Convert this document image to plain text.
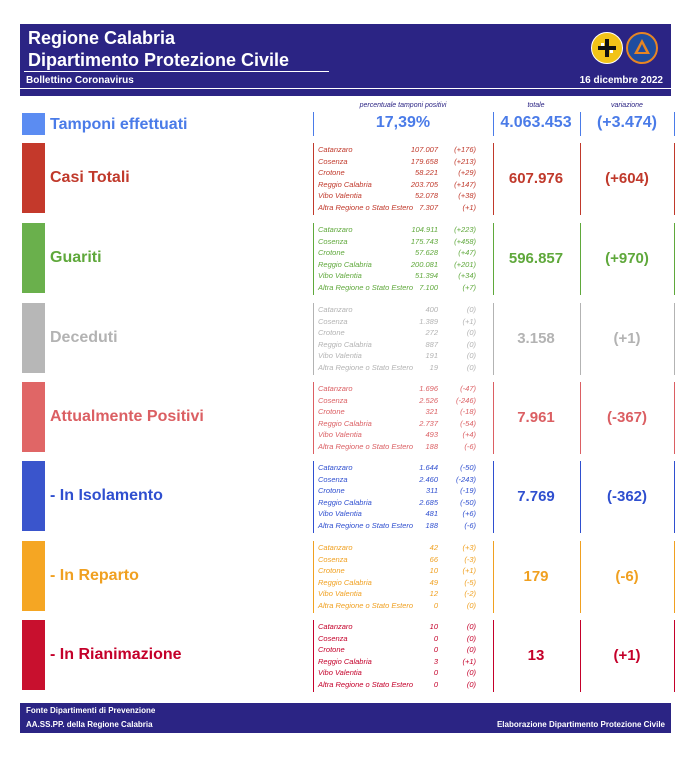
Regione Calabria
Dipartimento Protezione Civile
Bollettino Coronavirus	16 dicembre 2022
percentuale tamponi positivi	totale	variazione
Tamponi effettuati	17,39%	4.063.453	(+3.474)
Casi Totali
Catanzaro	107.007 (+176)
Cosenza	179.658 (+213)
Crotone	58.221	(+29)
Reggio Calabria	203.705 (+147)
Vibo Valentia	52.078	(+38)
Altra Regione o Stato Estero 7.307	(+1)
607.976	(+604)
Guariti
Catanzaro	104.911 (+223)
Cosenza	175.743 (+458)
Crotone	57.628	(+47)
Reggio Calabria	200.081 (+201)
Vibo Valentia	51.394	(+34)
Altra Regione o Stato Estero 7.100	(+7)
596.857	(+970)
Deceduti
Catanzaro	400	(0)
Cosenza	1.389	(+1)
Crotone	272	(0)
Reggio Calabria	887	(0)
Vibo Valentia	191	(0)
Altra Regione o Stato Estero 19	(0)
3.158	(+1)
Attualmente Positivi
Catanzaro	1.696	(-47)
Cosenza	2.526 (-246)
Crotone	321	(-18)
Reggio Calabria	2.737	(-54)
Vibo Valentia	493	(+4)
Altra Regione o Stato Estero 188	(-6)
7.961	(-367)
- In Isolamento
Catanzaro	1.644	(-50)
Cosenza	2.460 (-243)
Crotone	311	(-19)
Reggio Calabria	2.685	(-50)
Vibo Valentia	481	(+6)
Altra Regione o Stato Estero 188	(-6)
7.769	(-362)
- In Reparto
Catanzaro	42	(+3)
Cosenza	66	(-3)
Crotone	10	(+1)
Reggio Calabria	49	(-5)
Vibo Valentia	12	(-2)
Altra Regione o Stato Estero	0	(0)
179	(-6)
- In Rianimazione
Catanzaro	10	(0)
Cosenza	0	(0)
Crotone	0	(0)
Reggio Calabria	3	(+1)
Vibo Valentia	0	(0)
Altra Regione o Stato Estero	0	(0)
13	(+1)
Fonte Dipartimenti di Prevenzione
AA.SS.PP. della Regione Calabria	Elaborazione Dipartimento Protezione Civile
